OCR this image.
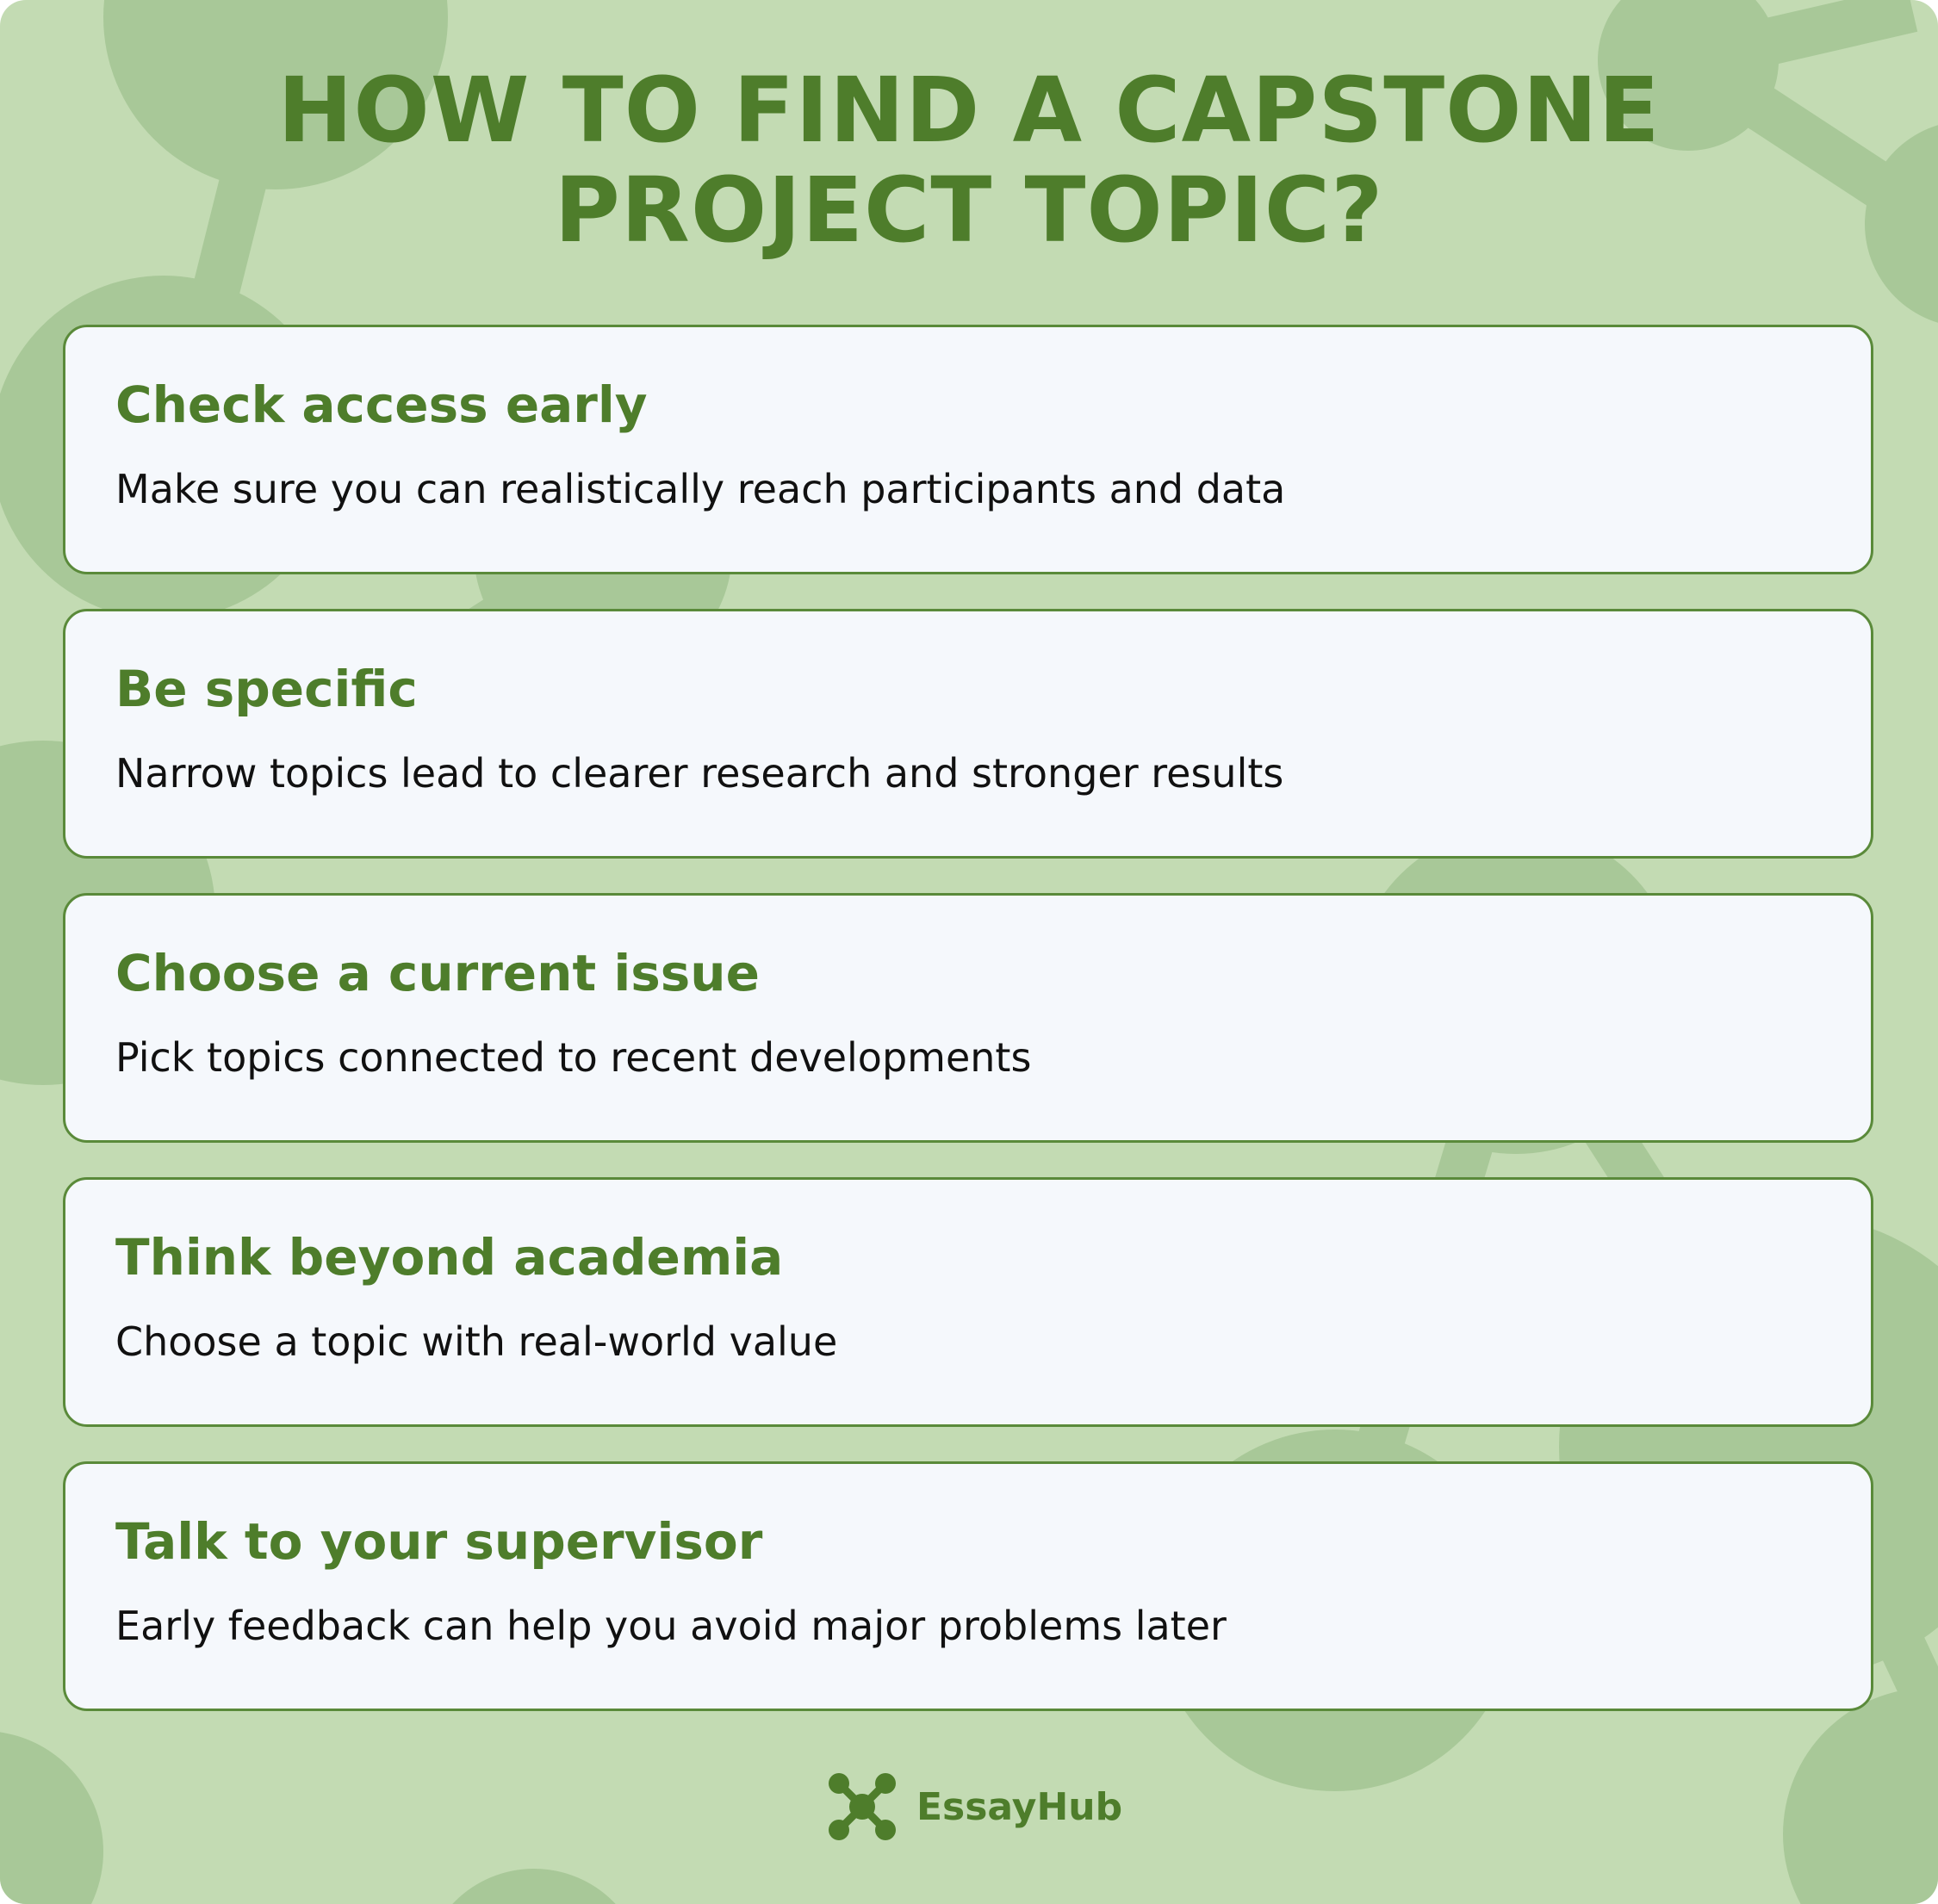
HOW TO FIND A CAPSTONE
PROJECT TOPIC?
Check access early

Make sure you can realistically reach participants and data

Be specific

Narrow topics lead to clearer research and stronger results

Choose a current issue

Pick topics connected to recent developments

Think beyond academia

Choose a topic with real-world value

Talk to your supervisor

Early feedback can help you avoid major problems later

EssayHub
